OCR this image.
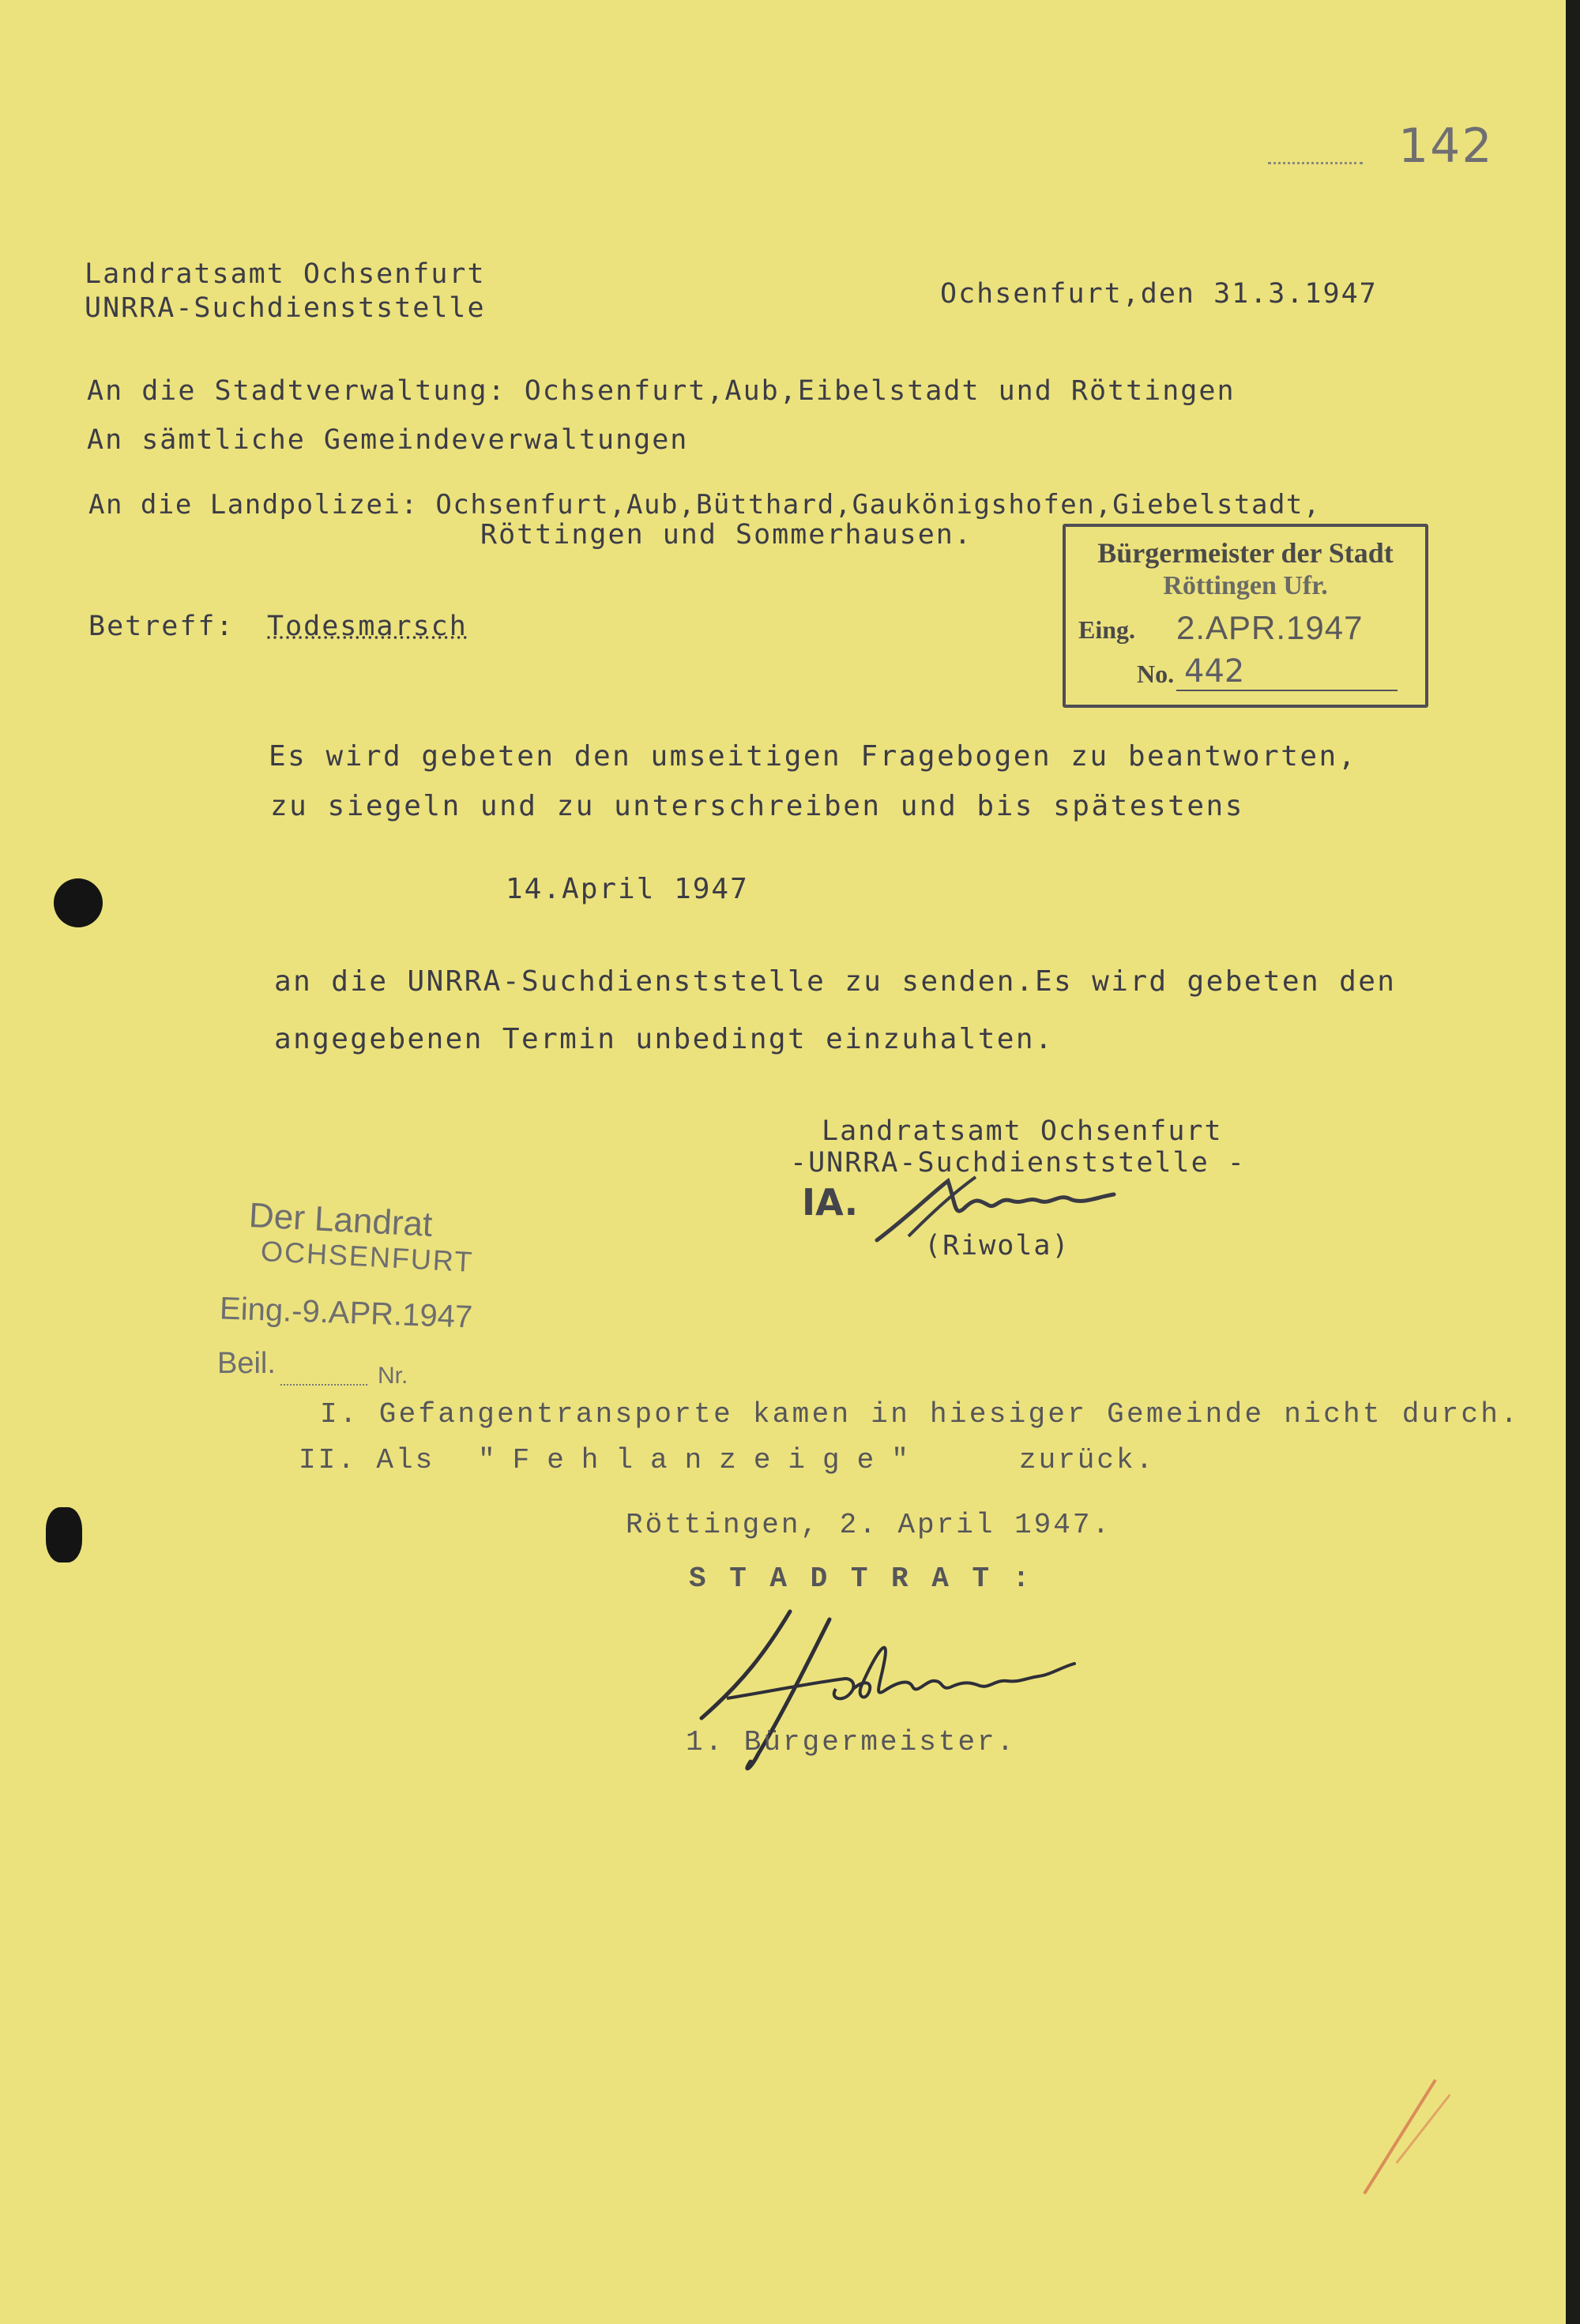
142
Landratsamt Ochsenfurt
UNRRA-Suchdienststelle	Ochsenfurt,den 31.3.1947
An die Stadtverwaltung: Ochsenfurt,Aub,Eibelstadt und Röttingen
An sämtliche Gemeindeverwaltungen
An die Landpolizei: Ochsenfurt,Aub,Bütthard,Gaukönigshofen,Giebelstadt,
Röttingen und Sommerhausen.
Bürgermeister der Stadt
Röttingen Ufr.
Eing. 2.APR.1947
No. 442
Betreff: Todesmarsch
Es wird gebeten den umseitigen Fragebogen zu beantworten,
zu siegeln und zu unterschreiben und bis spätestens
14.April 1947
an die UNRRA-Suchdienststelle zu senden.Es wird gebeten den
angegebenen Termin unbedingt einzuhalten.
Landratsamt Ochsenfurt
-UNRRA-Suchdienststelle -
IA.
(Riwola)
Der Landrat
OCHSENFURT
Eing.-9.APR.1947
Beil.	Nr.
I. Gefangentransporte kamen in hiesiger Gemeinde nicht durch.
II. Als "Fehlanzeige"	zurück.
Röttingen, 2. April 1947.
S T A D T R A T :
1. Bürgermeister.
